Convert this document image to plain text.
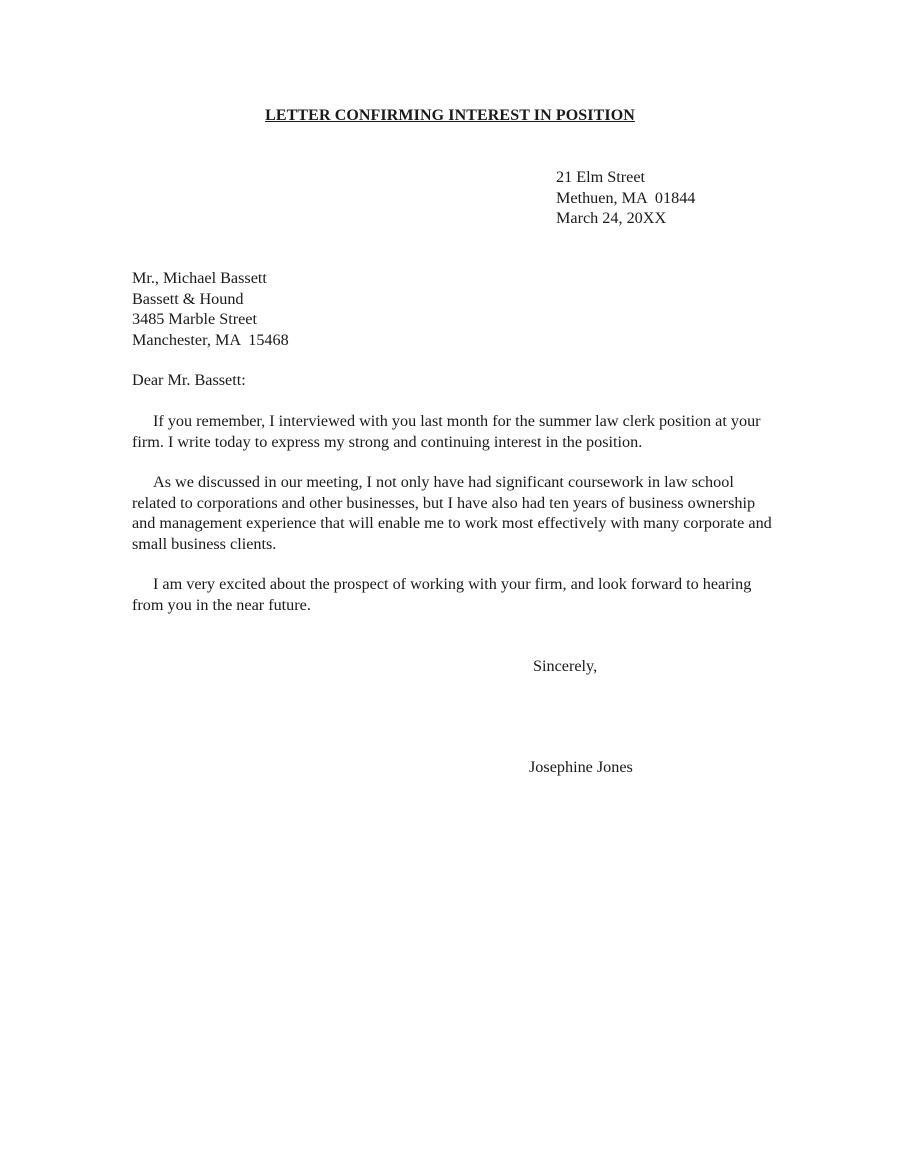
LETTER CONFIRMING INTEREST IN POSITION
21 Elm Street
Methuen, MA  01844
March 24, 20XX
Mr., Michael Bassett
Bassett & Hound
3485 Marble Street
Manchester, MA  15468
Dear Mr. Bassett:

If you remember, I interviewed with you last month for the summer law clerk position at your firm. I write today to express my strong and continuing interest in the position.

As we discussed in our meeting, I not only have had significant coursework in law school related to corporations and other businesses, but I have also had ten years of business ownership and management experience that will enable me to work most effectively with many corporate and small business clients.

I am very excited about the prospect of working with your firm, and look forward to hearing from you in the near future.

Sincerely,
Josephine Jones
